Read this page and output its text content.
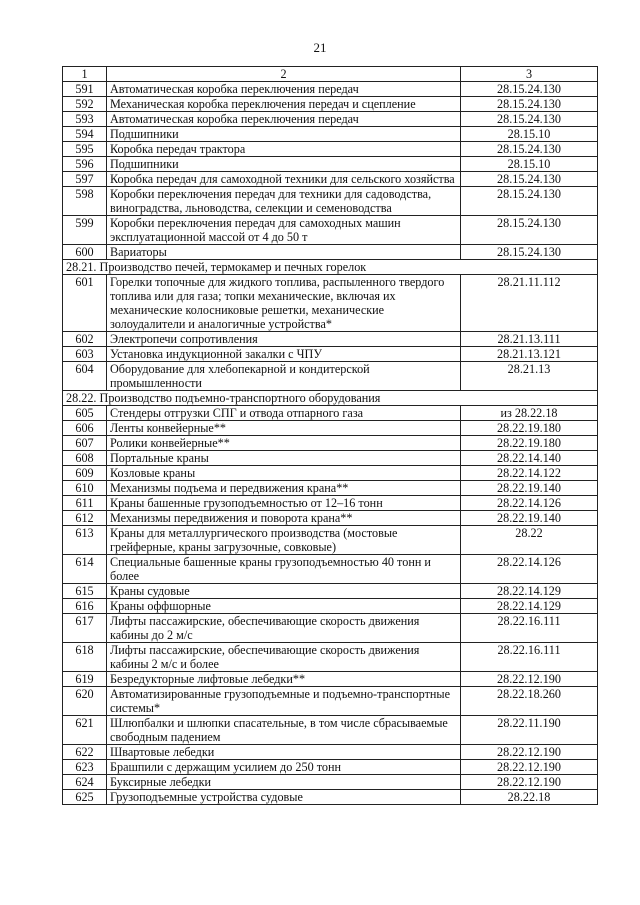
21
1	2	3
591	Автоматическая коробка переключения передач	28.15.24.130
592	Механическая коробка переключения передач и сцепление	28.15.24.130
593	Автоматическая коробка переключения передач	28.15.24.130
594	Подшипники	28.15.10
595	Коробка передач трактора	28.15.24.130
596	Подшипники	28.15.10
597	Коробка передач для самоходной техники для сельского хозяйства	28.15.24.130
598	Коробки переключения передач для техники для садоводства, виноградства, льноводства, селекции и семеноводства	28.15.24.130
599	Коробки переключения передач для самоходных машин эксплуатационной массой от 4 до 50 т	28.15.24.130
600	Вариаторы	28.15.24.130
28.21. Производство печей, термокамер и печных горелок		
601	Горелки топочные для жидкого топлива, распыленного твердого топлива или для газа; топки механические, включая их механические колосниковые решетки, механические золоудалители и аналогичные устройства*	28.21.11.112
602	Электропечи сопротивления	28.21.13.111
603	Установка индукционной закалки с ЧПУ	28.21.13.121
604	Оборудование для хлебопекарной и кондитерской промышленности	28.21.13
28.22. Производство подъемно-транспортного оборудования		
605	Стендеры отгрузки СПГ и отвода отпарного газа	из 28.22.18
606	Ленты конвейерные**	28.22.19.180
607	Ролики конвейерные**	28.22.19.180
608	Портальные краны	28.22.14.140
609	Козловые краны	28.22.14.122
610	Механизмы подъема и передвижения крана**	28.22.19.140
611	Краны башенные грузоподъемностью от 12–16 тонн	28.22.14.126
612	Механизмы передвижения и поворота крана**	28.22.19.140
613	Краны для металлургического производства (мостовые грейферные, краны загрузочные, совковые)	28.22
614	Специальные башенные краны грузоподъемностью 40 тонн и более	28.22.14.126
615	Краны судовые	28.22.14.129
616	Краны оффшорные	28.22.14.129
617	Лифты пассажирские, обеспечивающие скорость движения кабины до 2 м/с	28.22.16.111
618	Лифты пассажирские, обеспечивающие скорость движения кабины 2 м/с и более	28.22.16.111
619	Безредукторные лифтовые лебедки**	28.22.12.190
620	Автоматизированные грузоподъемные и подъемно-транспортные системы*	28.22.18.260
621	Шлюпбалки и шлюпки спасательные, в том числе сбрасываемые свободным падением	28.22.11.190
622	Швартовые лебедки	28.22.12.190
623	Брашпили с держащим усилием до 250 тонн	28.22.12.190
624	Буксирные лебедки	28.22.12.190
625	Грузоподъемные устройства судовые	28.22.18
